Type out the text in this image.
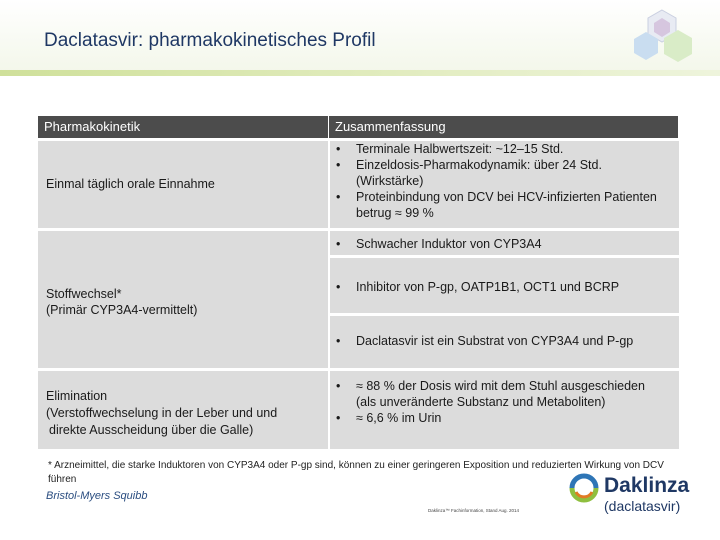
Daclatasvir: pharmakokinetisches Profil
Pharmakokinetik	Zusammenfassung
Einmal täglich orale Einnahme
• Terminale Halbwertszeit: ~12–15 Std.
• Einzeldosis-Pharmakodynamik: über 24 Std. (Wirkstärke)
• Proteinbindung von DCV bei HCV-infizierten Patienten betrug ≈ 99 %
Stoffwechsel*
(Primär CYP3A4-vermittelt)
• Schwacher Induktor von CYP3A4
• Inhibitor von P-gp, OATP1B1, OCT1 und BCRP
• Daclatasvir ist ein Substrat von CYP3A4 und P-gp
Elimination
(Verstoffwechselung in der Leber und und
direkte Ausscheidung über die Galle)
• ≈ 88 % der Dosis wird mit dem Stuhl ausgeschieden (als unveränderte Substanz und Metaboliten)
• ≈ 6,6 % im Urin
* Arzneimittel, die starke Induktoren von CYP3A4 oder P-gp sind, können zu einer geringeren Exposition und reduzierten Wirkung von DCV führen
Bristol-Myers Squibb
Daklinza™ Fachinformation, Stand Aug. 2014
Daklinza
(daclatasvir)
